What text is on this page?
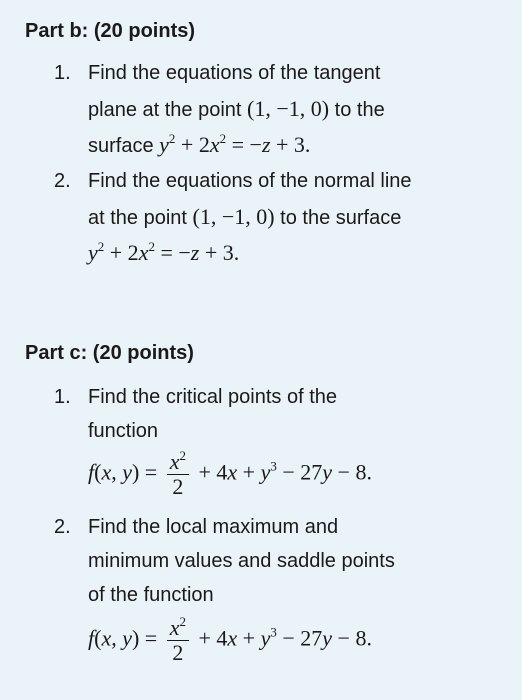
Part b: (20 points)
1. Find the equations of the tangent
plane at the point (1, −1, 0) to the
surface $y^2 + 2x^2 = -z + 3$.
2. Find the equations of the normal line
at the point (1, −1, 0) to the surface
$y^2 + 2x^2 = -z + 3$.
Part c: (20 points)
1. Find the critical points of the
function
f(x, $y) = \frac{x^2}{2} + 4x + y^3 - 27y - 8$.
2. Find the local maximum and
minimum values and saddle points
of the function
f(x, $y) = \frac{x^2}{2} + 4x + y^3 - 27y - 8$.
